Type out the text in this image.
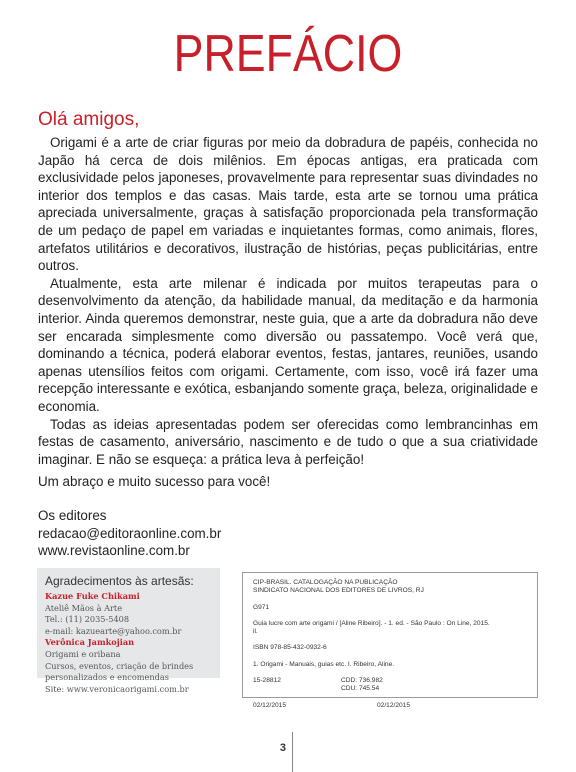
PREFÁCIO
Olá amigos,

Origami é a arte de criar figuras por meio da dobradura de papéis, conhecida no Japão há cerca de dois milênios. Em épocas antigas, era praticada com exclusividade pelos japoneses, provavelmente para representar suas divindades no interior dos templos e das casas. Mais tarde, esta arte se tornou uma prática apreciada universalmente, graças à satisfação proporcionada pela transformação de um pedaço de papel em variadas e inquietantes formas, como animais, flores, artefatos utilitários e decorativos, ilustração de histórias, peças publicitárias, entre outros.

Atualmente, esta arte milenar é indicada por muitos terapeutas para o desenvolvimento da atenção, da habilidade manual, da meditação e da harmonia interior. Ainda queremos demonstrar, neste guia, que a arte da dobradura não deve ser encarada simplesmente como diversão ou passatempo. Você verá que, dominando a técnica, poderá elaborar eventos, festas, jantares, reuniões, usando apenas utensílios feitos com origami. Certamente, com isso, você irá fazer uma recepção interessante e exótica, esbanjando somente graça, beleza, originalidade e economia.

Todas as ideias apresentadas podem ser oferecidas como lembrancinhas em festas de casamento, aniversário, nascimento e de tudo o que a sua criatividade imaginar. E não se esqueça: a prática leva à perfeição!

Um abraço e muito sucesso para você!
Os editores
redacao@editoraonline.com.br
www.revistaonline.com.br
Agradecimentos às artesãs:
Kazue Fuke Chikami
Ateliê Mãos à Arte
Tel.: (11) 2035-5408
e-mail: kazuearte@yahoo.com.br
Verônica Jamkojian
Origami e oribana
Cursos, eventos, criação de brindes
personalizados e encomendas
Site: www.veronicaorigami.com.br
CIP-BRASIL. CATALOGAÇÃO NA PUBLICAÇÃO
SINDICATO NACIONAL DOS EDITORES DE LIVROS, RJ
G971
Guia lucre com arte origami / [Aline Ribeiro]. - 1. ed. - São Paulo : On Line, 2015.
il.
ISBN 978-85-432-0932-6
1. Origami - Manuais, guias etc. I. Ribeiro, Aline.
15-28812	CDD: 736.982
CDU: 745.54
02/12/2015	02/12/2015
3
